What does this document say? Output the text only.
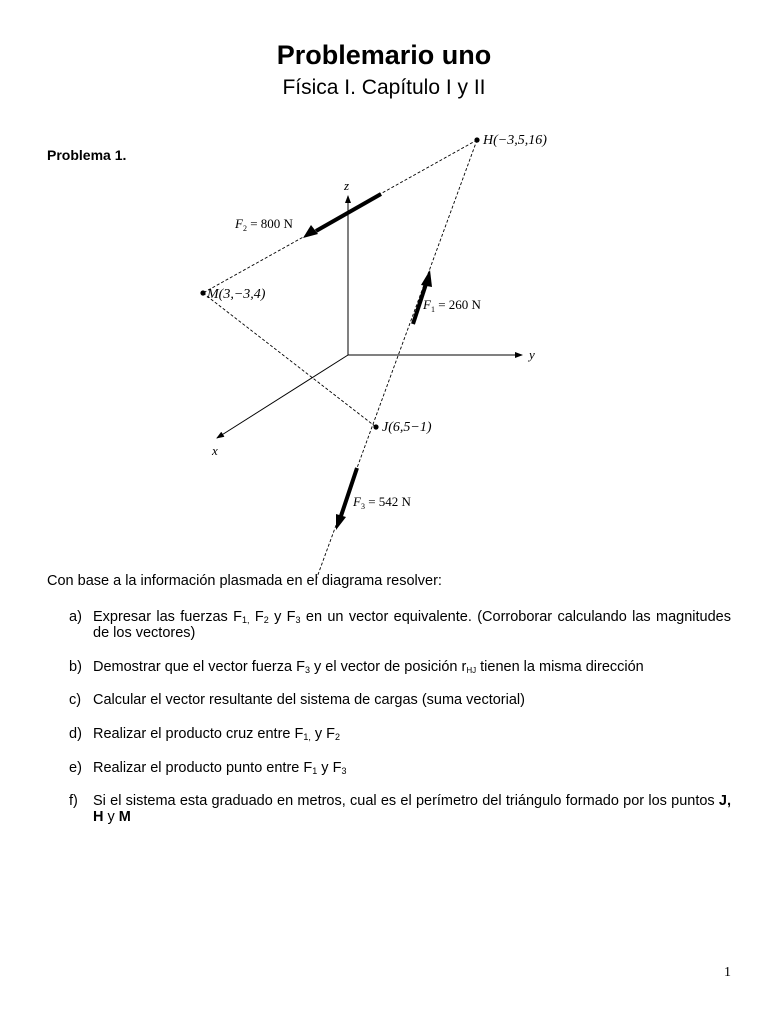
Problemario uno
Física I. Capítulo I y II
Problema 1.
z
y
x
H(−3,5,16)
M(3,−3,4)
J(6,5−1)
$F_2 = 800$ N
$F_1 = 260$ N
$F_3 = 542$ N
Con base a la información plasmada en el diagrama resolver:
a) Expresar las fuerzas $F_{1,}$ $F_2$ y $F_3$ en un vector equivalente. (Corroborar calculando las magnitudes de los vectores)
b) Demostrar que el vector fuerza $F_3$ y el vector de posición $r_{HJ}$ tienen la misma dirección
c) Calcular el vector resultante del sistema de cargas (suma vectorial)
d) Realizar el producto cruz entre $F_{1,}$ y $F_2$
e) Realizar el producto punto entre $F_1$ y $F_3$
f) Si el sistema esta graduado en metros, cual es el perímetro del triángulo formado por los puntos J, H y M
1
